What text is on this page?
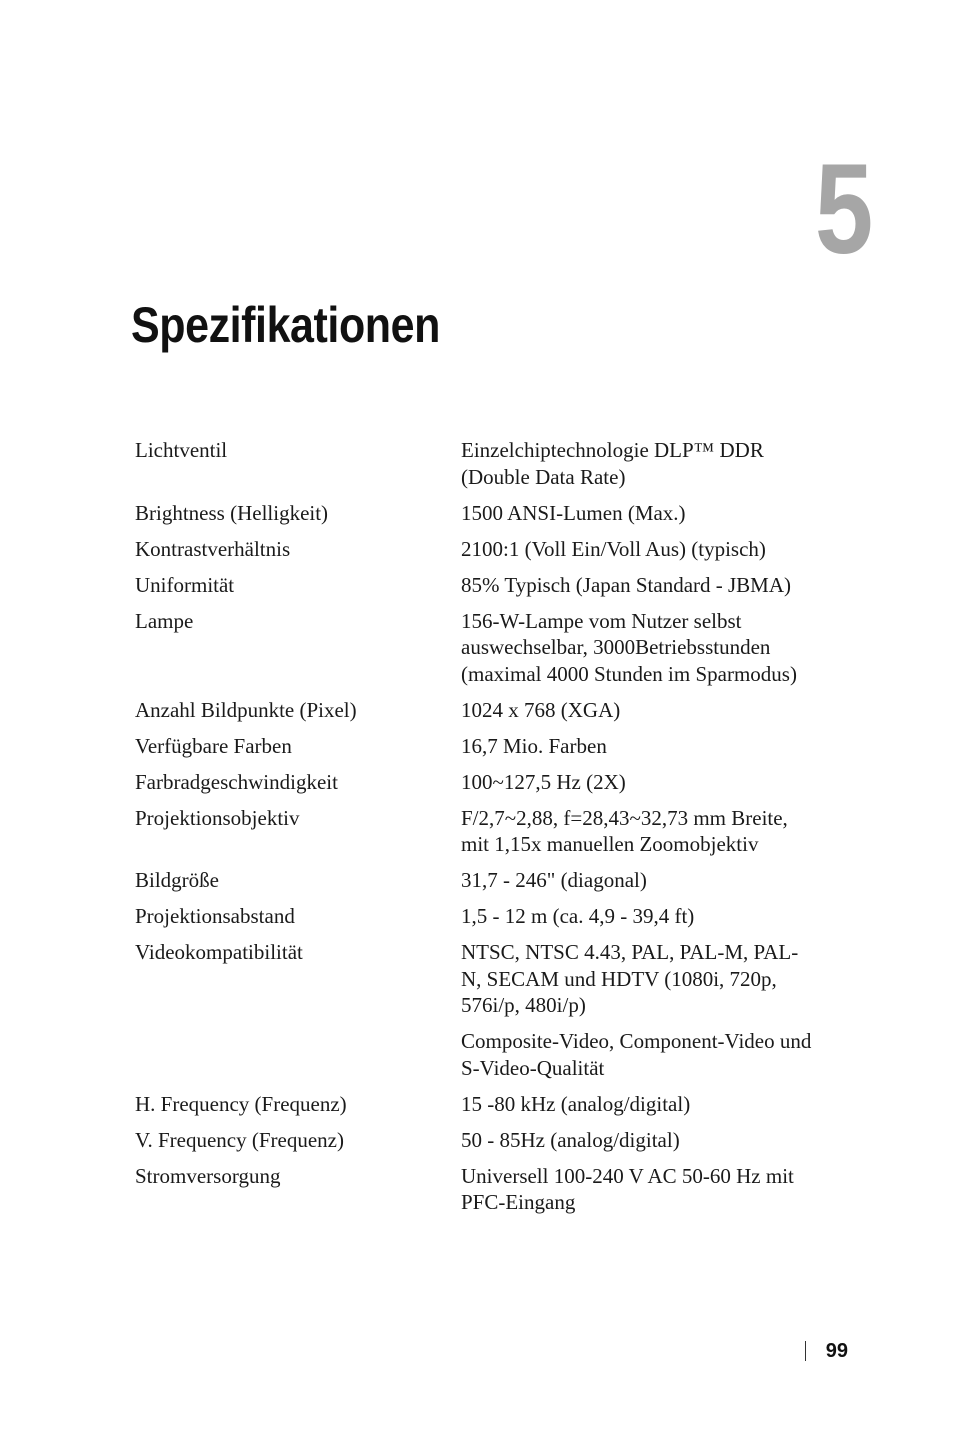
5
Spezifikationen
Lichtventil	Einzelchiptechnologie DLP™ DDR (Double Data Rate)

Brightness (Helligkeit)	1500 ANSI-Lumen (Max.)

Kontrastverhältnis	2100:1 (Voll Ein/Voll Aus) (typisch)

Uniformität	85% Typisch (Japan Standard - JBMA)

Lampe	156-W-Lampe vom Nutzer selbst auswechselbar, 3000Betriebsstunden (maximal 4000 Stunden im Sparmodus)

Anzahl Bildpunkte (Pixel)	1024 x 768 (XGA)

Verfügbare Farben	16,7 Mio. Farben

Farbradgeschwindigkeit	100~127,5 Hz (2X)

Projektionsobjektiv	F/2,7~2,88, f=28,43~32,73 mm Breite, mit 1,15x manuellen Zoomobjektiv

Bildgröße	31,7 - 246" (diagonal)

Projektionsabstand	1,5 - 12 m (ca. 4,9 - 39,4 ft)

Videokompatibilität	NTSC, NTSC 4.43, PAL, PAL-M, PAL-N, SECAM und HDTV (1080i, 720p, 576i/p, 480i/p)

Composite-Video, Component-Video und S-Video-Qualität

H. Frequency (Frequenz)	15 -80 kHz (analog/digital)

V. Frequency (Frequenz)	50 - 85Hz (analog/digital)

Stromversorgung	Universell 100-240 V AC 50-60 Hz mit PFC-Eingang

99
